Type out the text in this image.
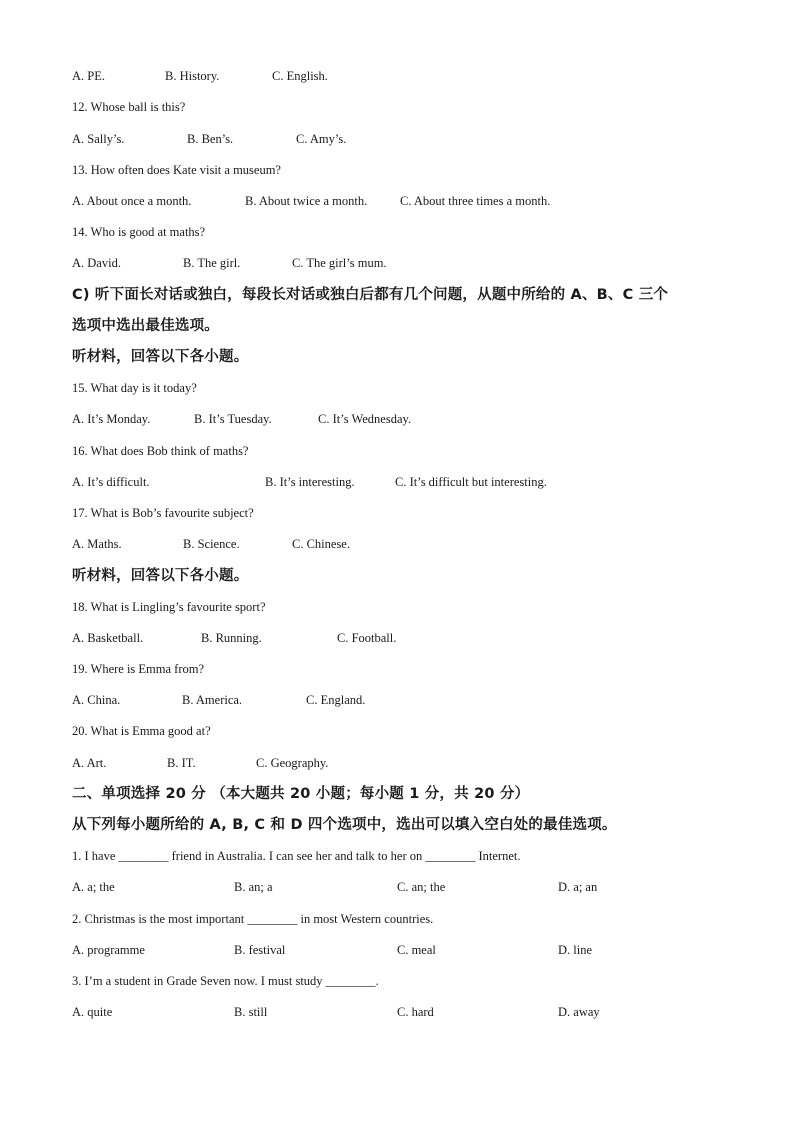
A. PE.	B. History.	C. English.
12. Whose ball is this?
A. Sally’s.	B. Ben’s.	C. Amy’s.
13. How often does Kate visit a museum?
A. About once a month.	B. About twice a month.	C. About three times a month.
14. Who is good at maths?
A. David.	B. The girl.	C. The girl’s mum.
C) 听下面长对话或独白，每段长对话或独白后都有几个问题，从题中所给的 A、B、C 三个
选项中选出最佳选项。
听材料，回答以下各小题。
15. What day is it today?
A. It’s Monday.	B. It’s Tuesday.	C. It’s Wednesday.
16. What does Bob think of maths?
A. It’s difficult.	B. It’s interesting.	C. It’s difficult but interesting.
17. What is Bob’s favourite subject?
A. Maths.	B. Science.	C. Chinese.
听材料，回答以下各小题。
18. What is Lingling’s favourite sport?
A. Basketball.	B. Running.	C. Football.
19. Where is Emma from?
A. China.	B. America.	C. England.
20. What is Emma good at?
A. Art.	B. IT.	C. Geography.
二、单项选择 20 分 （本大题共 20 小题；每小题 1 分，共 20 分）
从下列每小题所给的 A, B, C 和 D 四个选项中，选出可以填入空白处的最佳选项。
1. I have ________ friend in Australia. I can see her and talk to her on ________ Internet.
A. a; the	B. an; a	C. an; the	D. a; an
2. Christmas is the most important ________ in most Western countries.
A. programme	B. festival	C. meal	D. line
3. I’m a student in Grade Seven now. I must study ________.
A. quite	B. still	C. hard	D. away
